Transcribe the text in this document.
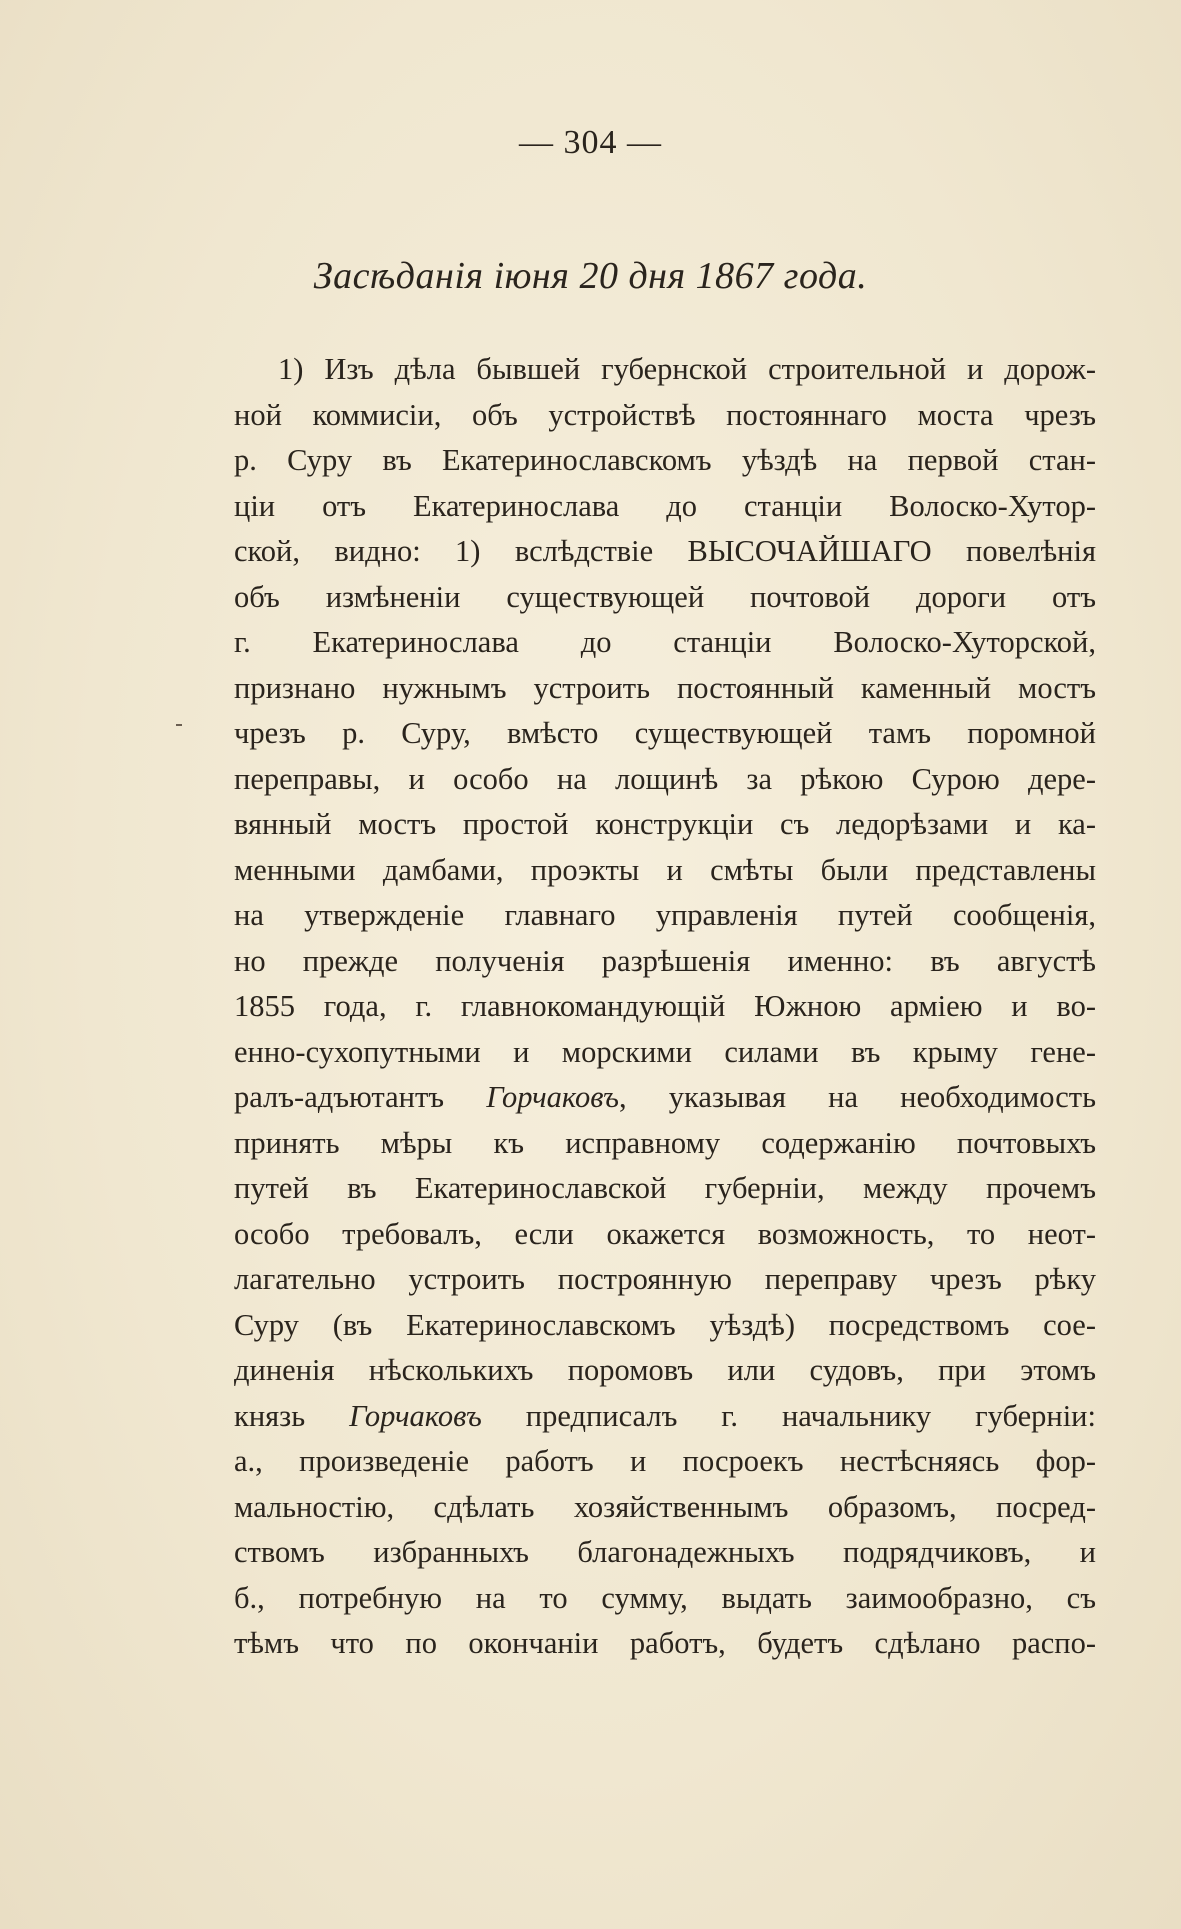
— 304 —
Засѣданія іюня 20 дня 1867 года.
1) Изъ дѣла бывшей губернской строительной и дорож-
ной коммисіи, объ устройствѣ постояннаго моста чрезъ
р. Суру въ Екатеринославскомъ уѣздѣ на первой стан-
ціи отъ Екатеринослава до станціи Волоско-Хутор-
ской, видно: 1) вслѣдствіе ВЫСОЧАЙШАГО повелѣнія
объ измѣненіи существующей почтовой дороги отъ
г. Екатеринослава до станціи Волоско-Хуторской,
признано нужнымъ устроить постоянный каменный мостъ
чрезъ р. Суру, вмѣсто существующей тамъ поромной
переправы, и особо на лощинѣ за рѣкою Сурою дере-
вянный мостъ простой конструкціи съ ледорѣзами и ка-
менными дамбами, проэкты и смѣты были представлены
на утвержденіе главнаго управленія путей сообщенія,
но прежде полученія разрѣшенія именно: въ августѣ
1855 года, г. главнокомандующій Южною арміею и во-
енно-сухопутными и морскими силами въ крыму гене-
ралъ-адъютантъ Горчаковъ, указывая на необходимость
принять мѣры къ исправному содержанію почтовыхъ
путей въ Екатеринославской губерніи, между прочемъ
особо требовалъ, если окажется возможность, то неот-
лагательно устроить построянную переправу чрезъ рѣку
Суру (въ Екатеринославскомъ уѣздѣ) посредствомъ сое-
диненія нѣсколькихъ поромовъ или судовъ, при этомъ
князь Горчаковъ предписалъ г. начальнику губерніи:
а., произведеніе работъ и посроекъ нестѣсняясь фор-
мальностію, сдѣлать хозяйственнымъ образомъ, посред-
ствомъ избранныхъ благонадежныхъ подрядчиковъ, и
б., потребную на то сумму, выдать заимообразно, съ
тѣмъ что по окончаніи работъ, будетъ сдѣлано распо-
